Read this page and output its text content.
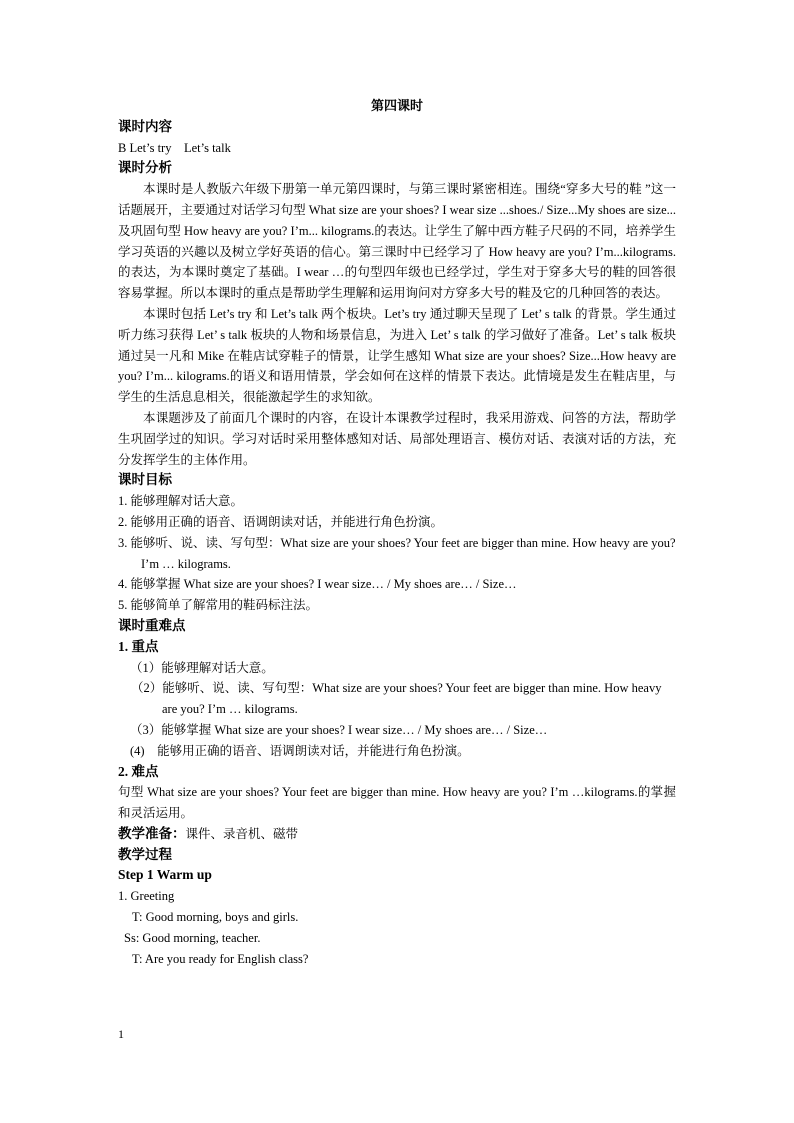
第四课时
课时内容
B Let’s try    Let’s talk
课时分析
本课时是人教版六年级下册第一单元第四课时，与第三课时紧密相连。围绕“穿多大号的鞋 ”这一话题展开，主要通过对话学习句型 What size are your shoes? I wear size ...shoes./ Size...My shoes are size...及巩固句型 How heavy are you? I’m... kilograms.的表达。让学生了解中西方鞋子尺码的不同，培养学生学习英语的兴趣以及树立学好英语的信心。第三课时中已经学习了 How heavy are you? I’m...kilograms.的表达，为本课时奠定了基础。I wear …的句型四年级也已经学过，学生对于穿多大号的鞋的回答很容易掌握。所以本课时的重点是帮助学生理解和运用询问对方穿多大号的鞋及它的几种回答的表达。
本课时包括 Let’s try 和 Let’s talk 两个板块。Let’s try 通过聊天呈现了 Let’ s talk 的背景。学生通过听力练习获得 Let’ s talk 板块的人物和场景信息，为进入 Let’ s talk 的学习做好了准备。Let’ s talk 板块通过吴一凡和 Mike 在鞋店试穿鞋子的情景，让学生感知 What size are your shoes? Size...How heavy are you? I’m... kilograms.的语义和语用情景，学会如何在这样的情景下表达。此情境是发生在鞋店里，与学生的生活息息相关，很能激起学生的求知欲。
本课题涉及了前面几个课时的内容，在设计本课教学过程时，我采用游戏、问答的方法，帮助学生巩固学过的知识。学习对话时采用整体感知对话、局部处理语言、模仿对话、表演对话的方法，充分发挥学生的主体作用。
课时目标
1. 能够理解对话大意。
2. 能够用正确的语音、语调朗读对话，并能进行角色扮演。
3. 能够听、说、读、写句型：What size are your shoes? Your feet are bigger than mine. How heavy are you? I’m … kilograms.
4. 能够掌握 What size are your shoes? I wear size… / My shoes are… / Size…
5. 能够简单了解常用的鞋码标注法。
课时重难点
1. 重点
（1）能够理解对话大意。
（2）能够听、说、读、写句型：What size are your shoes? Your feet are bigger than mine. How heavy are you? I’m … kilograms.
（3）能够掌握 What size are your shoes? I wear size… / My shoes are… / Size…
(4)    能够用正确的语音、语调朗读对话，并能进行角色扮演。
2. 难点
句型 What size are your shoes? Your feet are bigger than mine. How heavy are you? I’m …kilograms.的掌握和灵活运用。
教学准备：课件、录音机、磁带
教学过程
Step 1 Warm up
1. Greeting
T: Good morning, boys and girls.
Ss: Good morning, teacher.
T: Are you ready for English class?
1
